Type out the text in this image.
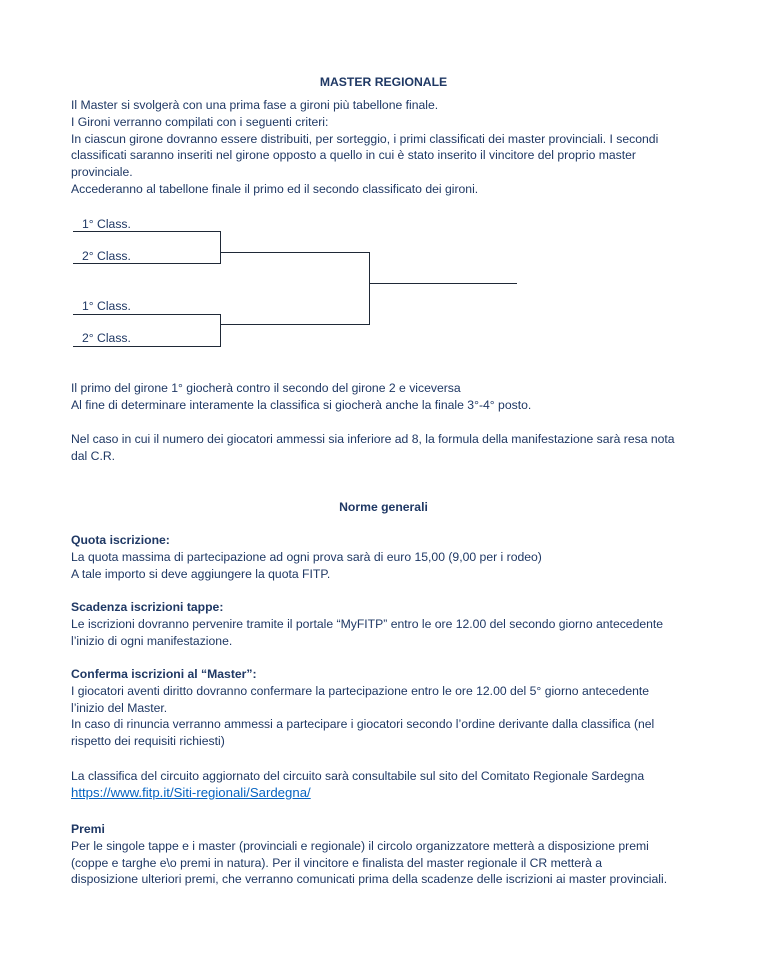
MASTER REGIONALE
Il Master si svolgerà con una prima fase a gironi più tabellone finale.
I Gironi verranno compilati con i seguenti criteri:
In ciascun girone dovranno essere distribuiti, per sorteggio, i primi classificati dei master provinciali. I secondi
classificati saranno inseriti nel girone opposto a quello in cui è stato inserito il vincitore del proprio master
provinciale.
Accederanno al tabellone finale il primo ed il secondo classificato dei gironi.
1° Class.
2° Class.
1° Class.
2° Class.
Il primo del girone 1° giocherà contro il secondo del girone 2 e viceversa
Al fine di determinare interamente la classifica si giocherà anche la finale 3°-4° posto.
Nel caso in cui il numero dei giocatori ammessi sia inferiore ad 8, la formula della manifestazione sarà resa nota
dal C.R.
Norme generali
Quota iscrizione:
La quota massima di partecipazione ad ogni prova sarà di euro 15,00 (9,00 per i rodeo)
A tale importo si deve aggiungere la quota FITP.
Scadenza iscrizioni tappe:
Le iscrizioni dovranno pervenire tramite il portale “MyFITP” entro le ore 12.00 del secondo giorno antecedente
l’inizio di ogni manifestazione.
Conferma iscrizioni al “Master”:
I giocatori aventi diritto dovranno confermare la partecipazione entro le ore 12.00 del 5° giorno antecedente
l’inizio del Master.
In caso di rinuncia verranno ammessi a partecipare i giocatori secondo l’ordine derivante dalla classifica (nel
rispetto dei requisiti richiesti)
La classifica del circuito aggiornato del circuito sarà consultabile sul sito del Comitato Regionale Sardegna
https://www.fitp.it/Siti-regionali/Sardegna/
Premi
Per le singole tappe e i master (provinciali e regionale) il circolo organizzatore metterà a disposizione premi
(coppe e targhe e\o premi in natura). Per il vincitore e finalista del master regionale il CR metterà a
disposizione ulteriori premi, che verranno comunicati prima della scadenze delle iscrizioni ai master provinciali.
